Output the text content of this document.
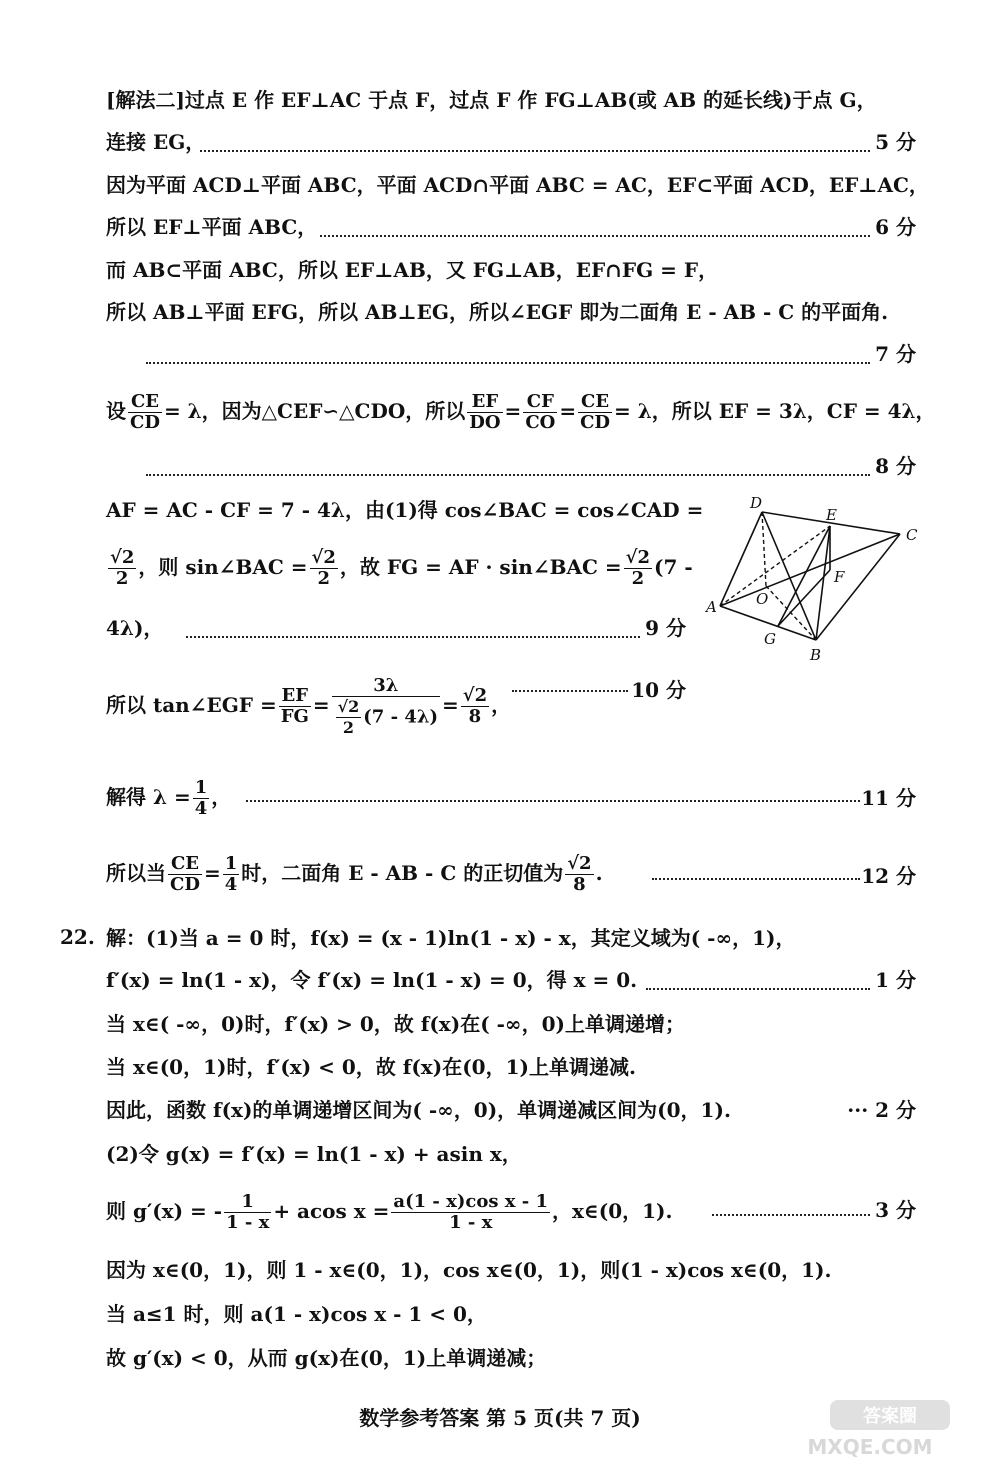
[解法二]过点 E 作 EF⊥AC 于点 F，过点 F 作 FG⊥AB(或 AB 的延长线)于点 G，
连接 EG，	5 分
因为平面 ACD⊥平面 ABC，平面 ACD∩平面 ABC = AC，EF⊂平面 ACD，EF⊥AC，
所以 EF⊥平面 ABC，	6 分
而 AB⊂平面 ABC，所以 EF⊥AB，又 FG⊥AB，EF∩FG = F，
所以 AB⊥平面 EFG，所以 AB⊥EG，所以∠EGF 即为二面角 E - AB - C 的平面角.
7 分
设 $\frac{CE}{CD} = \lambda$，因为△CEF∽△CDO，所以 $\frac{EF}{DO} = \frac{CF}{CO} = \frac{CE}{CD} = \lambda$，所以 EF = 3λ，CF = 4λ，
8 分
AF = AC - CF = 7 - 4λ，由(1)得 cos∠BAC = cos∠CAD =
$\frac{√2}{2}$ ，则 sin∠BAC = $\frac{√2}{2}$ ，故 FG = AF · sin∠BAC = $\frac{√2}{2} (7$ -
4λ)，	9 分
所以 tan∠EGF = $\frac{EF}{FG} = \frac{3\lambda}{\frac{√2}{2} (7 - 4\lambda)} = \frac{√2}{8}$ ，
10 分
解得 $\lambda = \frac{1}{4}$ ，	11 分
所以当 $\frac{CE}{CD} = \frac{1}{4}$ 时，二面角 E - AB - C 的正切值为 $\frac{√2}{8}$ .	12 分
22. 解：(1)当 a = 0 时，f(x) = (x - 1)ln(1 - x) - x，其定义域为( -∞，1)，
f′(x) = ln(1 - x)，令 f′(x) = ln(1 - x) = 0，得 x = 0.	1 分
当 x∈( -∞，0)时，f′(x) > 0，故 f(x)在( -∞，0)上单调递增；
当 x∈(0，1)时，f′(x) < 0，故 f(x)在(0，1)上单调递减.
因此，函数 f(x)的单调递增区间为( -∞，0)，单调递减区间为(0，1).	··· 2 分
(2)令 g(x) = f′(x) = ln(1 - x) + asin x，
则 g′(x) = - $\frac{1}{1 - x} + acos$ $x = \frac{\text{a(1 - x)cos x - 1}}{1 - x}$ ，x∈(0，1).	3 分
因为 x∈(0，1)，则 1 - x∈(0，1)，cos x∈(0，1)，则(1 - x)cos x∈(0，1).
当 a≤1 时，则 a(1 - x)cos x - 1 < 0，
故 g′(x) < 0，从而 g(x)在(0，1)上单调递减；
D
E
C
F
O
A
G
B
数学参考答案 第 5 页(共 7 页)	答案圈
MXQE.COM
